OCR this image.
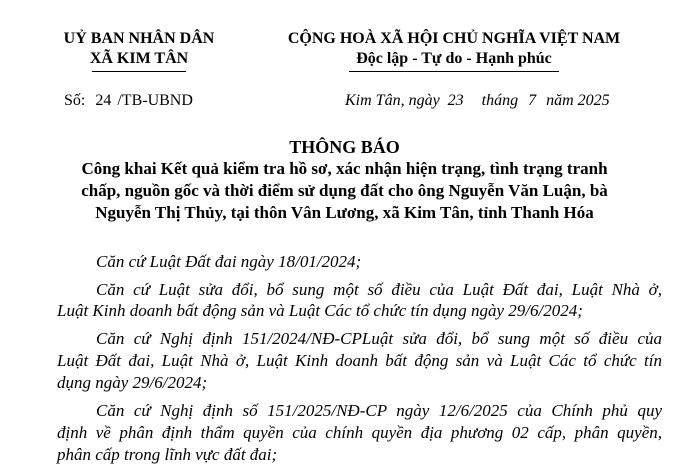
UỶ BAN NHÂN DÂN
XÃ KIM TÂN
CỘNG HOÀ XÃ HỘI CHỦ NGHĨA VIỆT NAM
Độc lập - Tự do - Hạnh phúc
Số: 24 /TB-UBND	Kim Tân, ngày 23 tháng 7 năm 2025
THÔNG BÁO
Công khai Kết quả kiểm tra hồ sơ, xác nhận hiện trạng, tình trạng tranh
chấp, nguồn gốc và thời điểm sử dụng đất cho ông Nguyễn Văn Luận, bà
Nguyễn Thị Thủy, tại thôn Vân Lương, xã Kim Tân, tỉnh Thanh Hóa
Căn cứ Luật Đất đai ngày 18/01/2024;
Căn cứ Luật sửa đổi, bổ sung một số điều của Luật Đất đai, Luật Nhà ở,
Luật Kinh doanh bất động sản và Luật Các tổ chức tín dụng ngày 29/6/2024;
Căn cứ Nghị định 151/2024/NĐ-CPLuật sửa đổi, bổ sung một số điều của
Luật Đất đai, Luật Nhà ở, Luật Kinh doanh bất động sản và Luật Các tổ chức tín
dụng ngày 29/6/2024;
Căn cứ Nghị định số 151/2025/NĐ-CP ngày 12/6/2025 của Chính phủ quy
định về phân định thẩm quyền của chính quyền địa phương 02 cấp, phân quyền,
phân cấp trong lĩnh vực đất đai;
